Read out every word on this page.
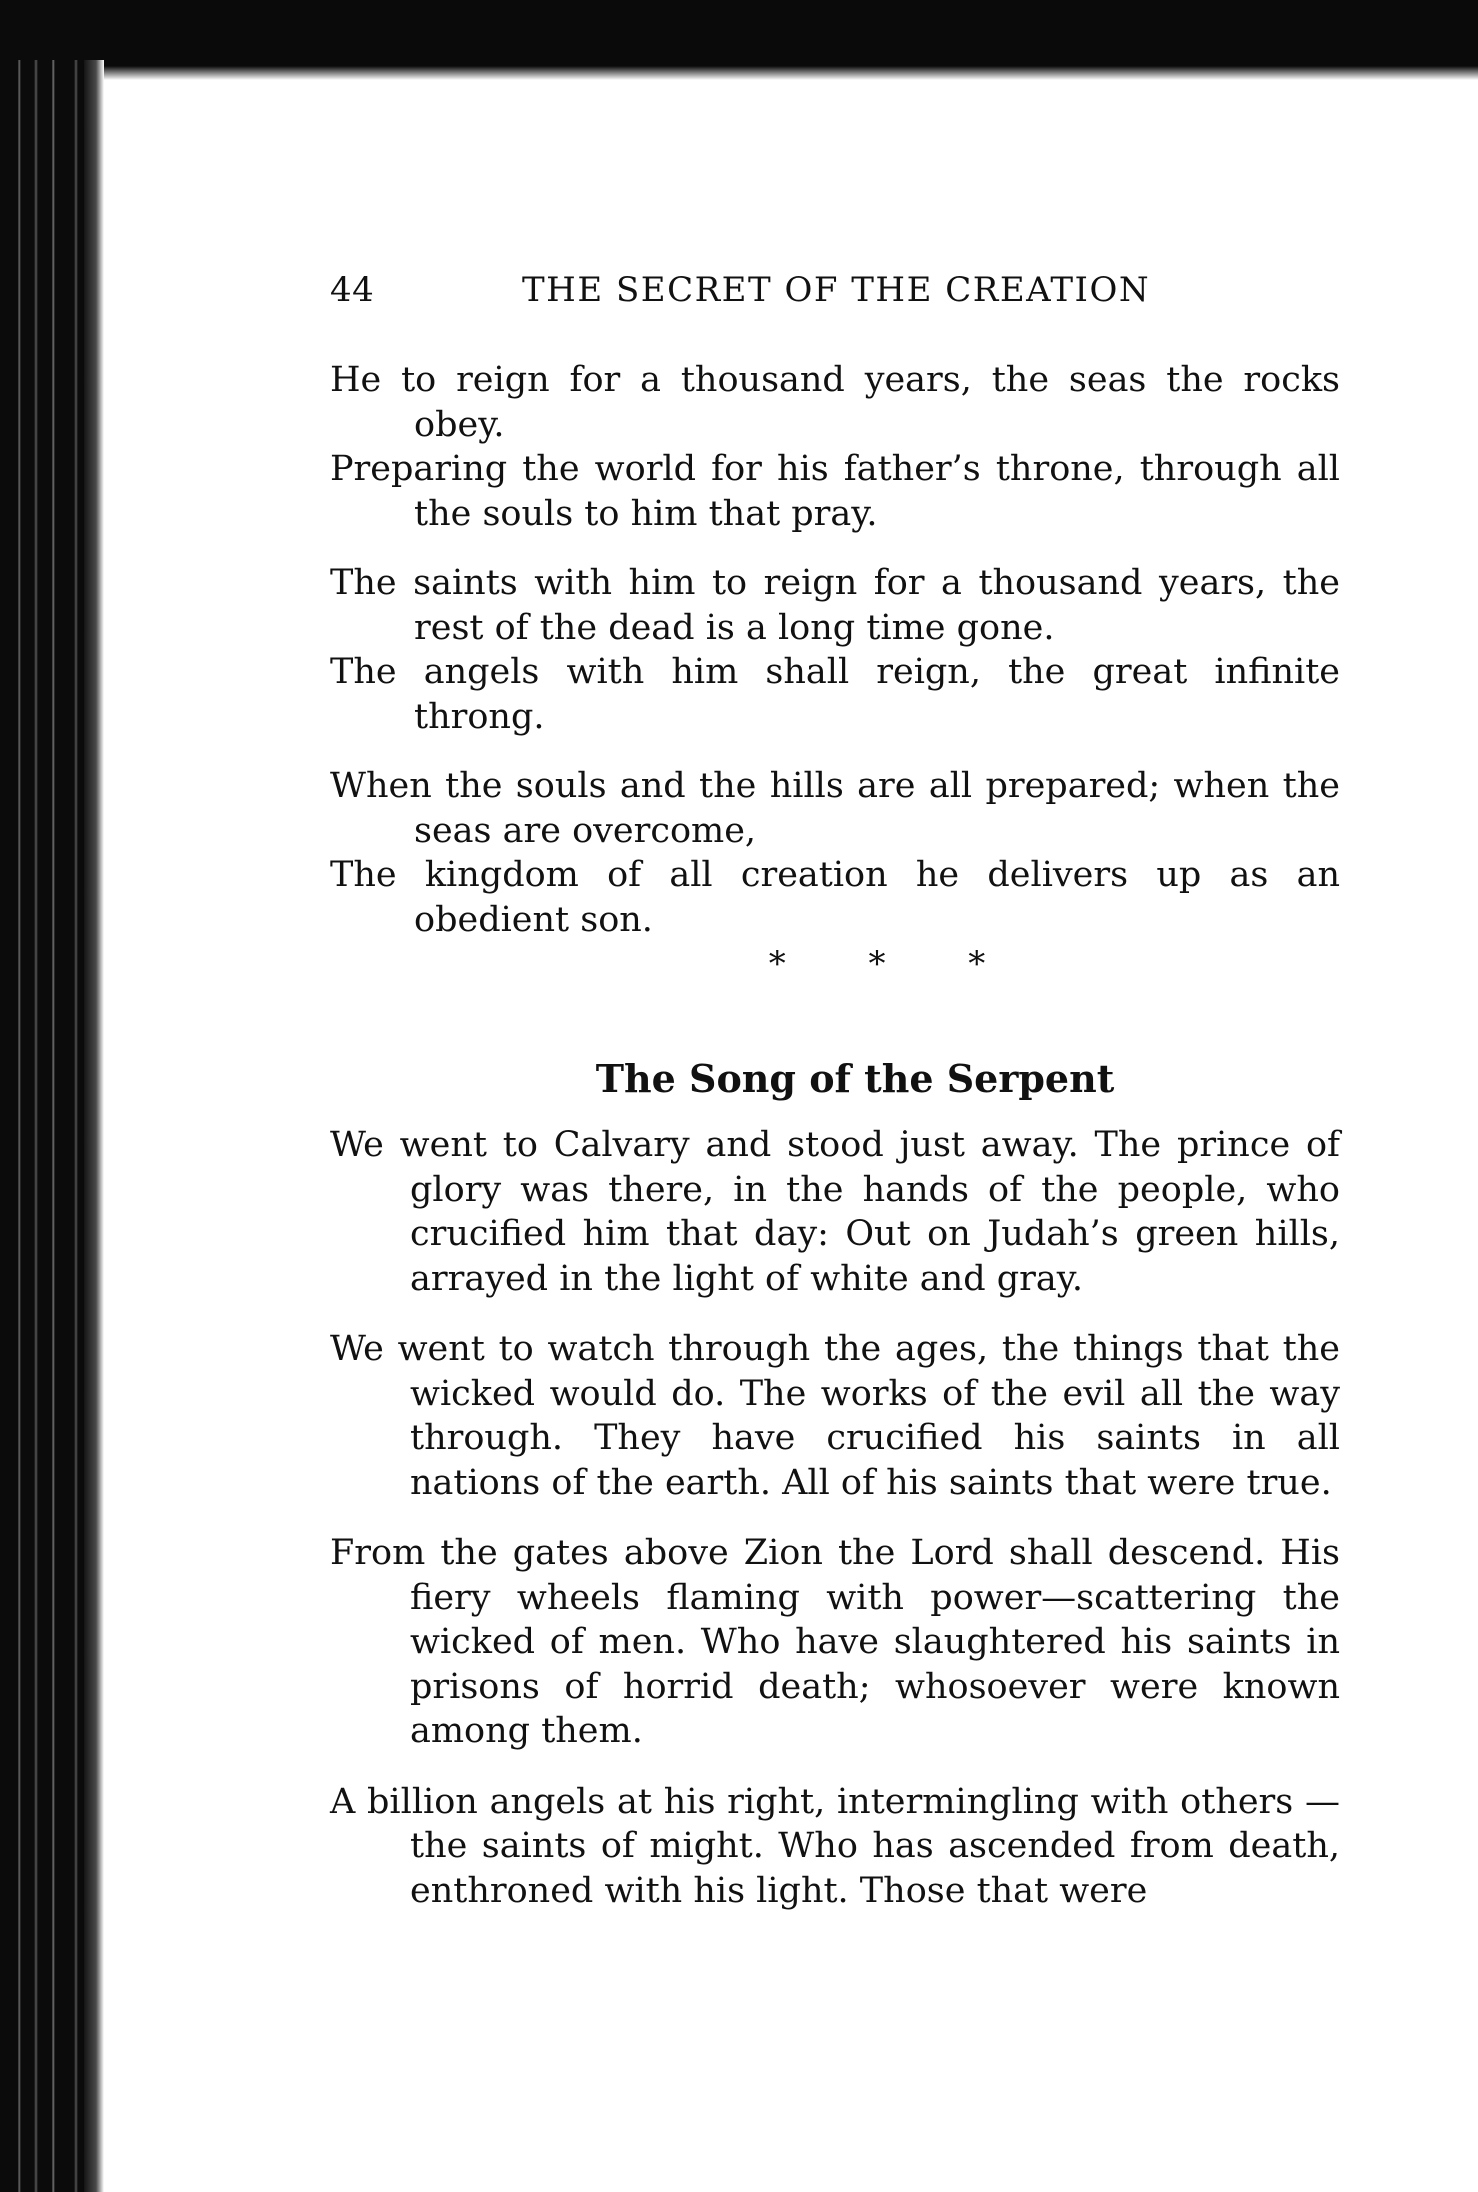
44	THE SECRET OF THE CREATION
He to reign for a thousand years, the seas the rocks obey.
Preparing the world for his father’s throne, through all the souls to him that pray.
The saints with him to reign for a thousand years, the rest of the dead is a long time gone.
The angels with him shall reign, the great infinite throng.
When the souls and the hills are all prepared; when the seas are overcome,
The kingdom of all creation he delivers up as an obedient son.
* * *
The Song of the Serpent

We went to Calvary and stood just away. The prince of glory was there, in the hands of the people, who crucified him that day: Out on Judah’s green hills, arrayed in the light of white and gray.

We went to watch through the ages, the things that the wicked would do. The works of the evil all the way through. They have crucified his saints in all nations of the earth. All of his saints that were true.

From the gates above Zion the Lord shall descend. His fiery wheels flaming with power—scattering the wicked of men. Who have slaughtered his saints in prisons of horrid death; whosoever were known among them.

A billion angels at his right, intermingling with others —the saints of might. Who has ascended from death, enthroned with his light. Those that were
